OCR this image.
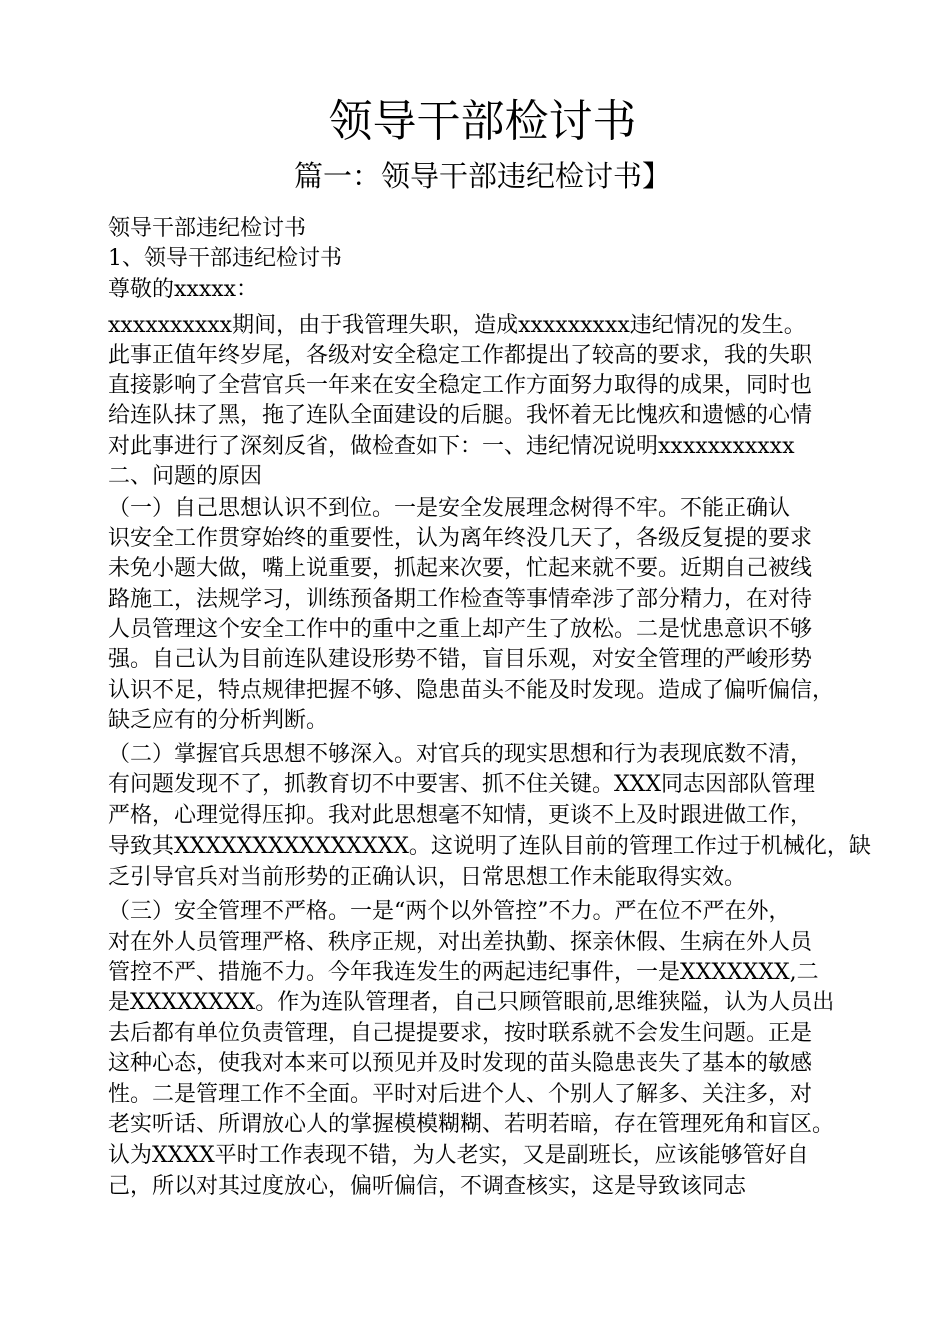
领导干部检讨书
篇一：领导干部违纪检讨书】
领导干部违纪检讨书
1、领导干部违纪检讨书
尊敬的xxxxx：
xxxxxxxxxx期间，由于我管理失职，造成xxxxxxxxx违纪情况的发生。
此事正值年终岁尾，各级对安全稳定工作都提出了较高的要求，我的失职
直接影响了全营官兵一年来在安全稳定工作方面努力取得的成果，同时也
给连队抹了黑，拖了连队全面建设的后腿。我怀着无比愧疚和遗憾的心情
对此事进行了深刻反省，做检查如下：一、违纪情况说明xxxxxxxxxxx
二、问题的原因
（一）自己思想认识不到位。一是安全发展理念树得不牢。不能正确认
识安全工作贯穿始终的重要性，认为离年终没几天了，各级反复提的要求
未免小题大做，嘴上说重要，抓起来次要，忙起来就不要。近期自己被线
路施工，法规学习，训练预备期工作检查等事情牵涉了部分精力，在对待
人员管理这个安全工作中的重中之重上却产生了放松。二是忧患意识不够
强。自己认为目前连队建设形势不错，盲目乐观，对安全管理的严峻形势
认识不足，特点规律把握不够、隐患苗头不能及时发现。造成了偏听偏信，
缺乏应有的分析判断。
（二）掌握官兵思想不够深入。对官兵的现实思想和行为表现底数不清，
有问题发现不了，抓教育切不中要害、抓不住关键。XXX同志因部队管理
严格，心理觉得压抑。我对此思想毫不知情，更谈不上及时跟进做工作，
导致其XXXXXXXXXXXXXXX。这说明了连队目前的管理工作过于机械化，缺
乏引导官兵对当前形势的正确认识，日常思想工作未能取得实效。
（三）安全管理不严格。一是“两个以外管控”不力。严在位不严在外，
对在外人员管理严格、秩序正规，对出差执勤、探亲休假、生病在外人员
管控不严、措施不力。今年我连发生的两起违纪事件，一是XXXXXXX,二
是XXXXXXXX。作为连队管理者，自己只顾管眼前,思维狭隘，认为人员出
去后都有单位负责管理，自己提提要求，按时联系就不会发生问题。正是
这种心态，使我对本来可以预见并及时发现的苗头隐患丧失了基本的敏感
性。二是管理工作不全面。平时对后进个人、个别人了解多、关注多，对
老实听话、所谓放心人的掌握模模糊糊、若明若暗，存在管理死角和盲区。
认为XXXX平时工作表现不错，为人老实，又是副班长，应该能够管好自
己，所以对其过度放心，偏听偏信，不调查核实，这是导致该同志
